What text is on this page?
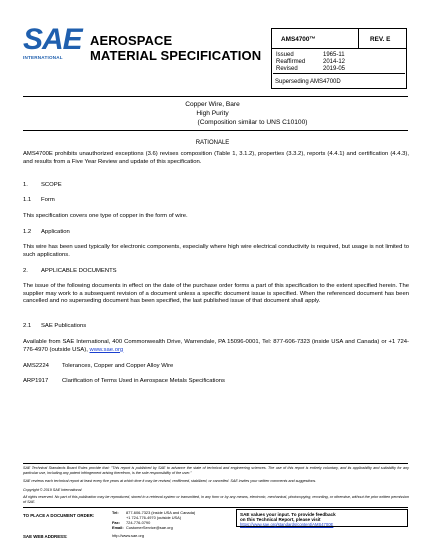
SAE
INTERNATIONAL
AEROSPACE
MATERIAL SPECIFICATION
AMS4700™	REV. E
Issued	1965-11
Reaffirmed	2014-12
Revised	2019-05
Superseding AMS4700D
Copper Wire, Bare
High Purity
(Composition similar to UNS C10100)
RATIONALE
AMS4700E prohibits unauthorized exceptions (3.6) revises composition (Table 1, 3.1.2), properties (3.3.2), reports (4.4.1) and certification (4.4.3), and results from a Five Year Review and update of this specification.
1. SCOPE
1.1 Form
This specification covers one type of copper in the form of wire.
1.2 Application
This wire has been used typically for electronic components, especially where high wire electrical conductivity is required, but usage is not limited to such applications.
2. APPLICABLE DOCUMENTS
The issue of the following documents in effect on the date of the purchase order forms a part of this specification to the extent specified herein. The supplier may work to a subsequent revision of a document unless a specific document issue is specified. When the referenced document has been cancelled and no superseding document has been specified, the last published issue of that document shall apply.
2.1 SAE Publications
Available from SAE International, 400 Commonwealth Drive, Warrendale, PA 15096-0001, Tel: 877-606-7323 (inside USA and Canada) or +1 724-776-4970 (outside USA), www.sae.org
AMS2224 Tolerances, Copper and Copper Alloy Wire
ARP1917 Clarification of Terms Used in Aerospace Metals Specifications
SAE Technical Standards Board Rules provide that: "This report is published by SAE to advance the state of technical and engineering sciences. The use of this report is entirely voluntary, and its applicability and suitability for any particular use, including any patent infringement arising therefrom, is the sole responsibility of the user."
SAE reviews each technical report at least every five years at which time it may be revised, reaffirmed, stabilized, or cancelled. SAE invites your written comments and suggestions.
Copyright © 2019 SAE International
All rights reserved. No part of this publication may be reproduced, stored in a retrieval system or transmitted, in any form or by any means, electronic, mechanical, photocopying, recording, or otherwise, without the prior written permission of SAE.
TO PLACE A DOCUMENT ORDER:
Tel: 877-606-7323 (inside USA and Canada)
+1 724-776-4970 (outside USA)
Fax: 724-776-0790
Email: CustomerService@sae.org
SAE WEB ADDRESS:	http://www.sae.org
SAE values your input. To provide feedback
on this Technical Report, please visit
https://www.sae.org/standards/content/AMS4700E
